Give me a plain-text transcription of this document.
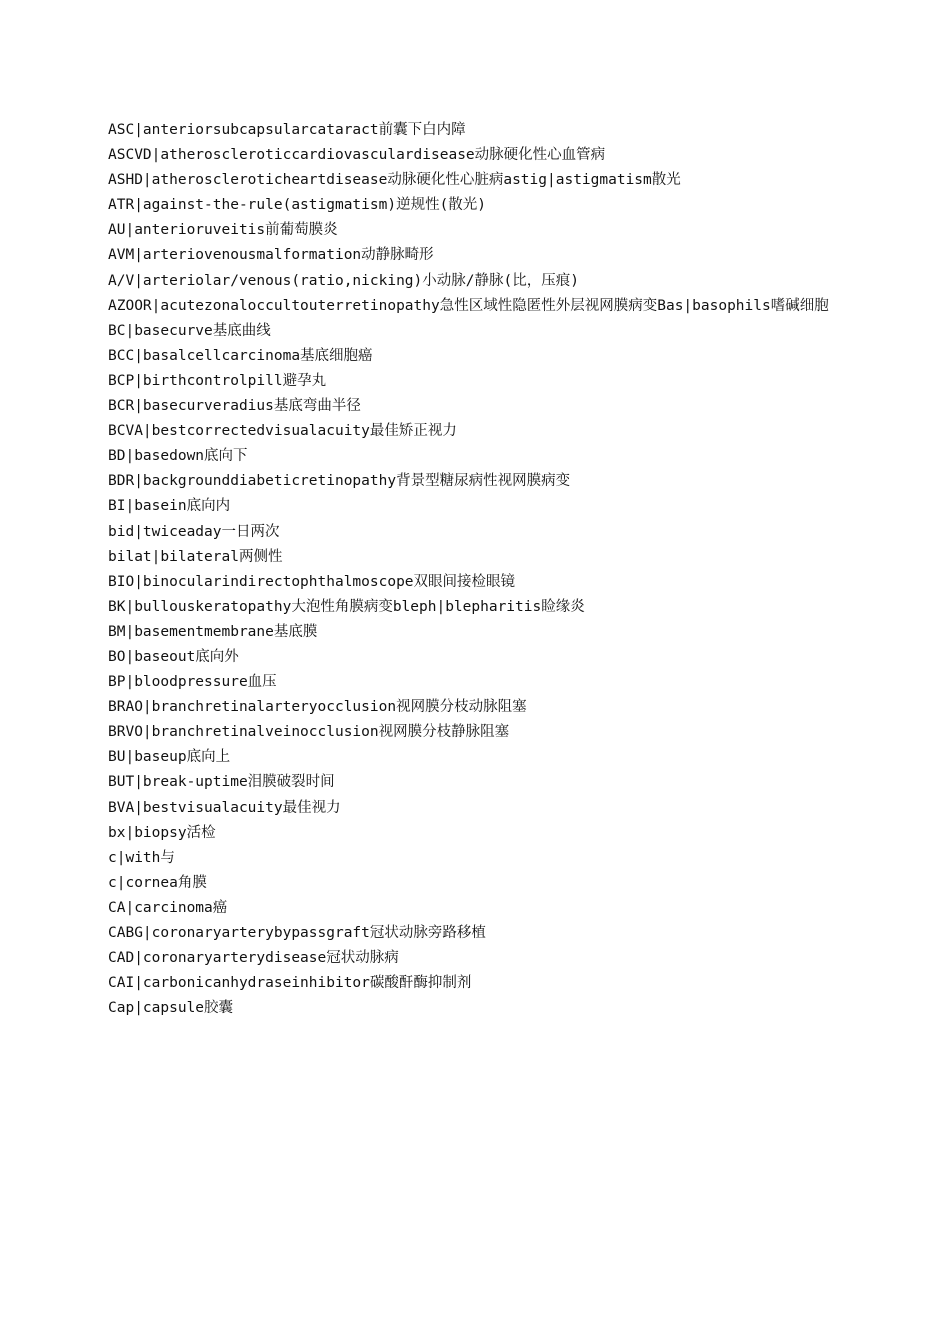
ASC|anteriorsubcapsularcataract前囊下白内障
ASCVD|atheroscleroticcardiovasculardisease动脉硬化性心血管病
ASHD|atheroscleroticheartdisease动脉硬化性心脏病astig|astigmatism散光
ATR|against-the-rule(astigmatism)逆规性(散光)
AU|anterioruveitis前葡萄膜炎
AVM|arteriovenousmalformation动静脉畸形
A/V|arteriolar/venous(ratio,nicking)小动脉/静脉(比，压痕)
AZOOR|acutezonaloccultouterretinopathy急性区域性隐匿性外层视网膜病变Bas|basophils嗜碱细胞
BC|basecurve基底曲线
BCC|basalcellcarcinoma基底细胞癌
BCP|birthcontrolpill避孕丸
BCR|basecurveradius基底弯曲半径
BCVA|bestcorrectedvisualacuity最佳矫正视力
BD|basedown底向下
BDR|backgrounddiabeticretinopathy背景型糖尿病性视网膜病变
BI|basein底向内
bid|twiceaday一日两次
bilat|bilateral两侧性
BIO|binocularindirectophthalmoscope双眼间接检眼镜
BK|bullouskeratopathy大泡性角膜病变bleph|blepharitis睑缘炎
BM|basementmembrane基底膜
BO|baseout底向外
BP|bloodpressure血压
BRAO|branchretinalarteryocclusion视网膜分枝动脉阻塞
BRVO|branchretinalveinocclusion视网膜分枝静脉阻塞
BU|baseup底向上
BUT|break-uptime泪膜破裂时间
BVA|bestvisualacuity最佳视力
bx|biopsy活检
c|with与
c|cornea角膜
CA|carcinoma癌
CABG|coronaryarterybypassgraft冠状动脉旁路移植
CAD|coronaryarterydisease冠状动脉病
CAI|carbonicanhydraseinhibitor碳酸酐酶抑制剂
Cap|capsule胶囊
